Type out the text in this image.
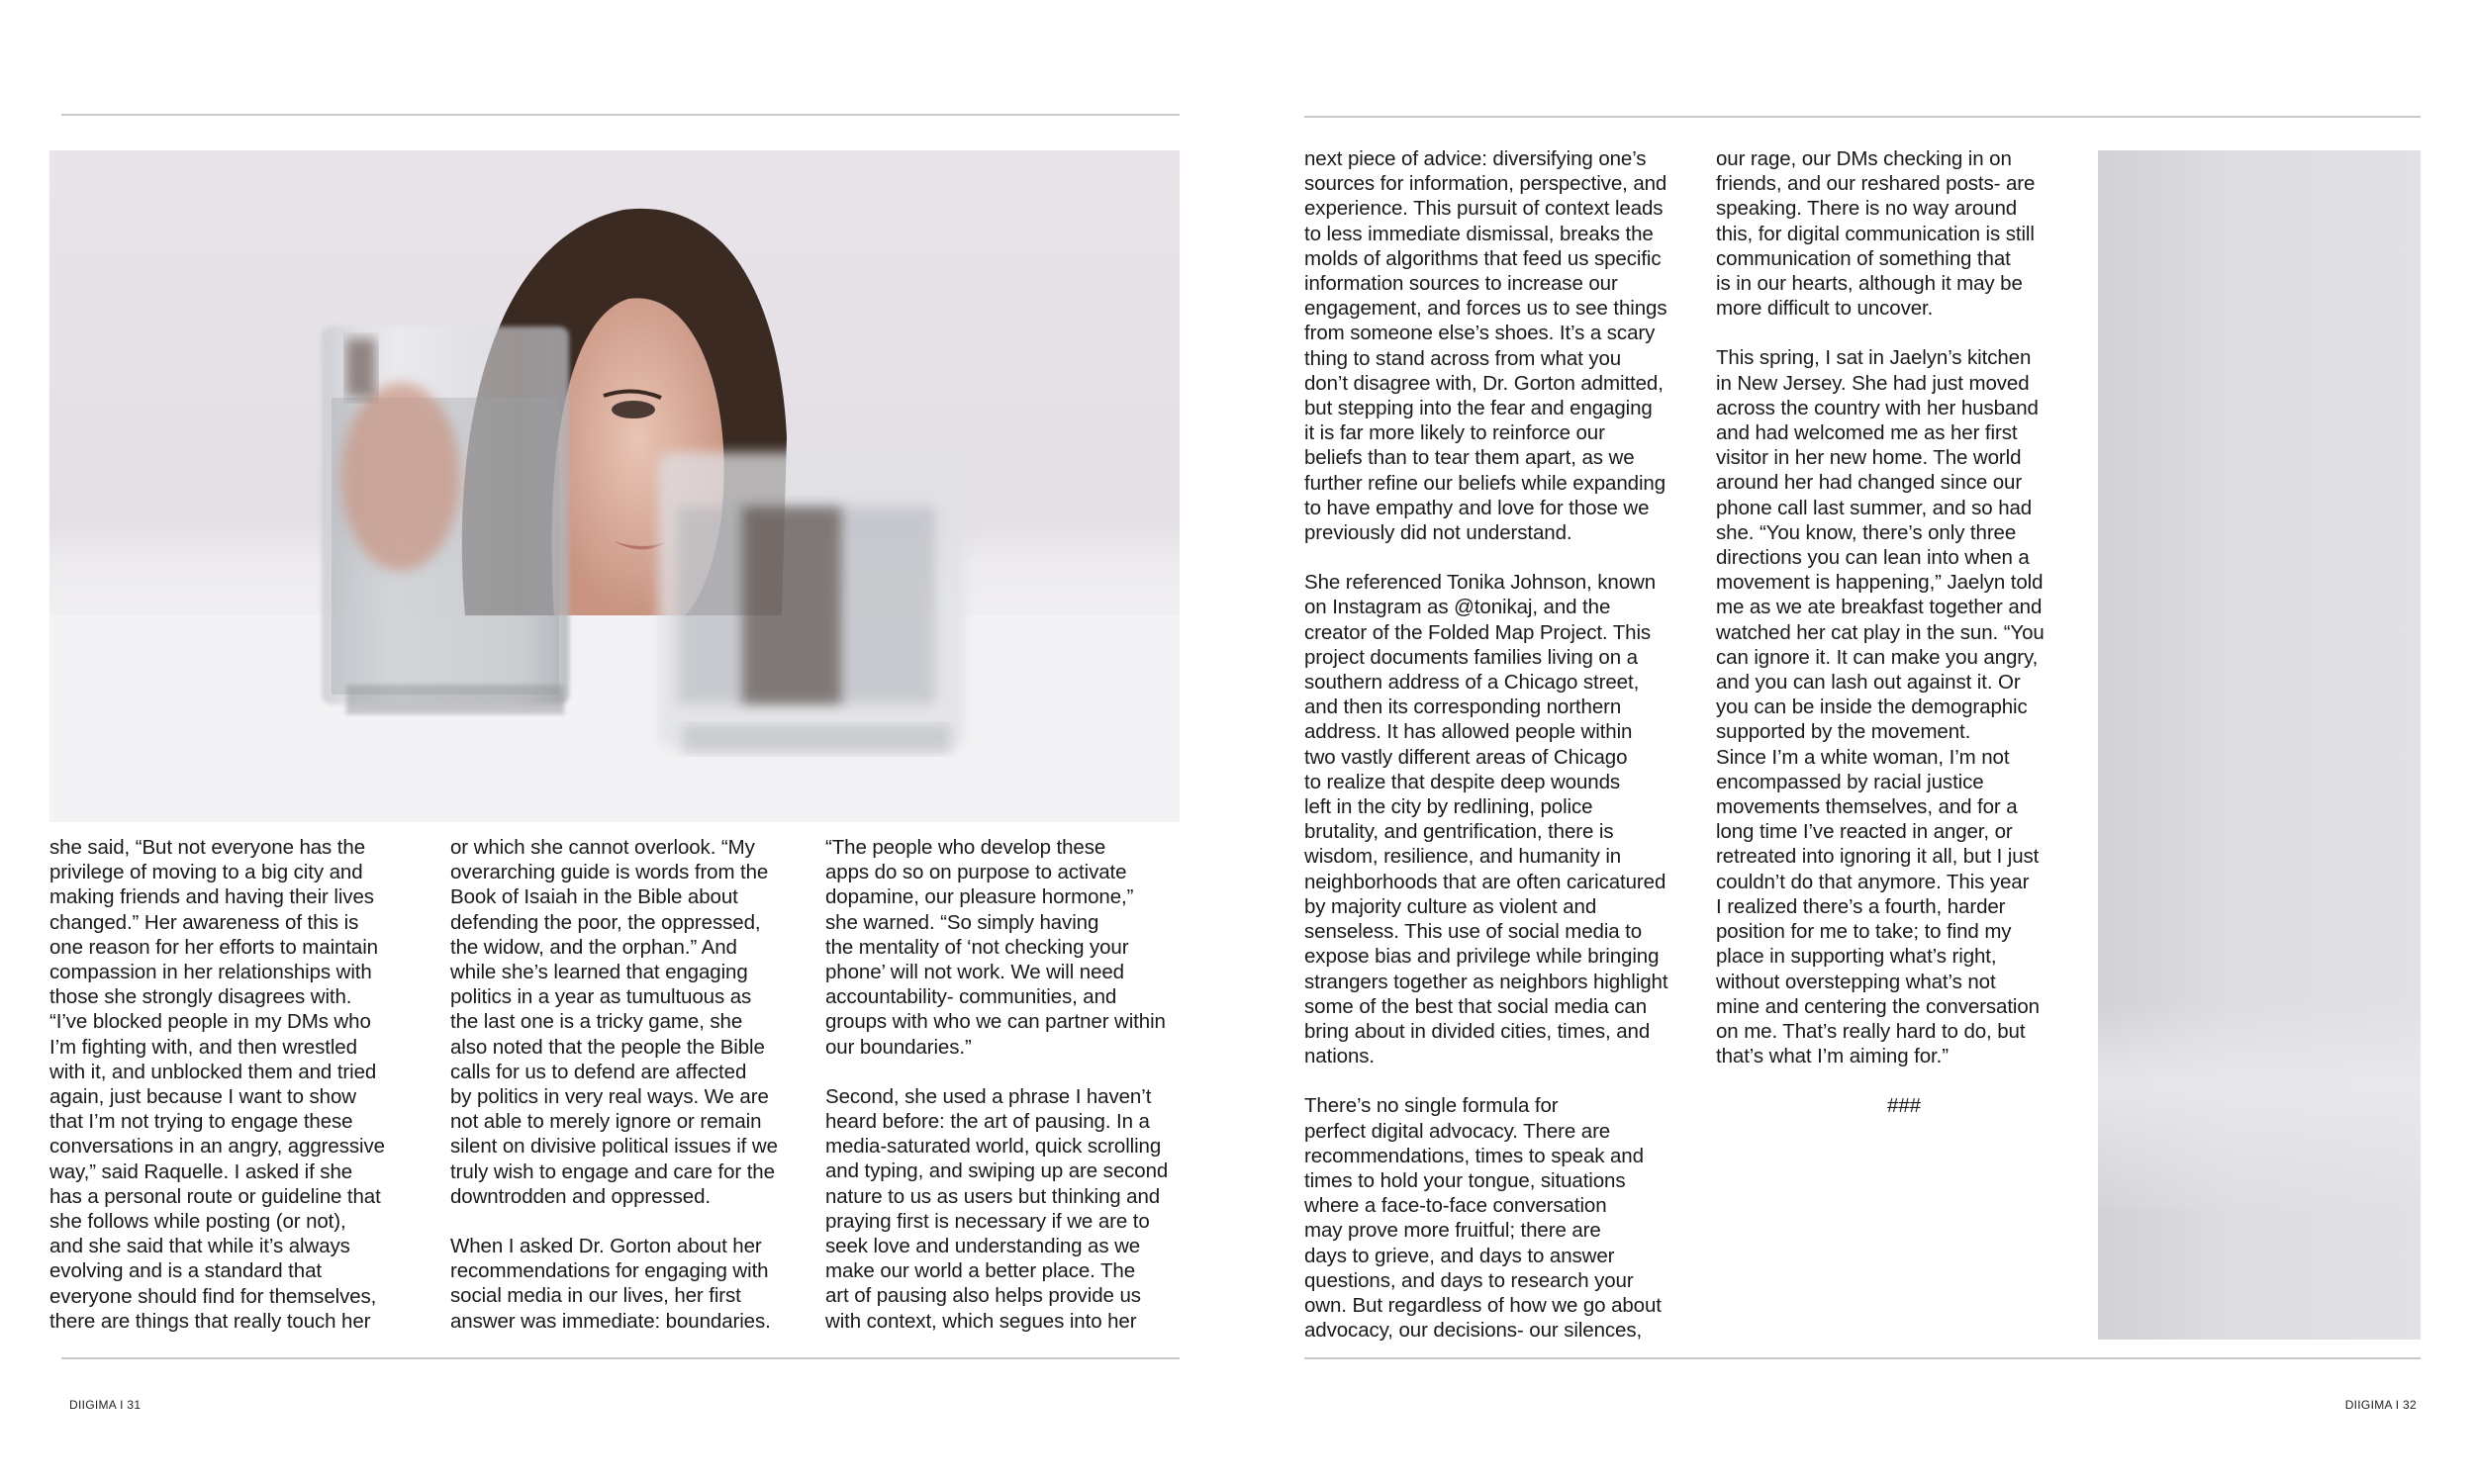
she said, “But not everyone has the
privilege of moving to a big city and
making friends and having their lives
changed.” Her awareness of this is
one reason for her efforts to maintain
compassion in her relationships with
those she strongly disagrees with.
“I’ve blocked people in my DMs who
I’m fighting with, and then wrestled
with it, and unblocked them and tried
again, just because I want to show
that I’m not trying to engage these
conversations in an angry, aggressive
way,” said Raquelle. I asked if she
has a personal route or guideline that
she follows while posting (or not),
and she said that while it’s always
evolving and is a standard that
everyone should find for themselves,
there are things that really touch her

or which she cannot overlook. “My
overarching guide is words from the
Book of Isaiah in the Bible about
defending the poor, the oppressed,
the widow, and the orphan.” And
while she’s learned that engaging
politics in a year as tumultuous as
the last one is a tricky game, she
also noted that the people the Bible
calls for us to defend are affected
by politics in very real ways. We are
not able to merely ignore or remain
silent on divisive political issues if we
truly wish to engage and care for the
downtrodden and oppressed.

When I asked Dr. Gorton about her
recommendations for engaging with
social media in our lives, her first
answer was immediate: boundaries.

“The people who develop these
apps do so on purpose to activate
dopamine, our pleasure hormone,”
she warned. “So simply having
the mentality of ‘not checking your
phone’ will not work. We will need
accountability- communities, and
groups with who we can partner within
our boundaries.”

Second, she used a phrase I haven’t
heard before: the art of pausing. In a
media-saturated world, quick scrolling
and typing, and swiping up are second
nature to us as users but thinking and
praying first is necessary if we are to
seek love and understanding as we
make our world a better place. The
art of pausing also helps provide us
with context, which segues into her

DIIGIMA I 31

next piece of advice: diversifying one’s
sources for information, perspective, and
experience. This pursuit of context leads
to less immediate dismissal, breaks the
molds of algorithms that feed us specific
information sources to increase our
engagement, and forces us to see things
from someone else’s shoes. It’s a scary
thing to stand across from what you
don’t disagree with, Dr. Gorton admitted,
but stepping into the fear and engaging
it is far more likely to reinforce our
beliefs than to tear them apart, as we
further refine our beliefs while expanding
to have empathy and love for those we
previously did not understand.

She referenced Tonika Johnson, known
on Instagram as @tonikaj, and the
creator of the Folded Map Project. This
project documents families living on a
southern address of a Chicago street,
and then its corresponding northern
address. It has allowed people within
two vastly different areas of Chicago
to realize that despite deep wounds
left in the city by redlining, police
brutality, and gentrification, there is
wisdom, resilience, and humanity in
neighborhoods that are often caricatured
by majority culture as violent and
senseless. This use of social media to
expose bias and privilege while bringing
strangers together as neighbors highlight
some of the best that social media can
bring about in divided cities, times, and
nations.

There’s no single formula for
perfect digital advocacy. There are
recommendations, times to speak and
times to hold your tongue, situations
where a face-to-face conversation
may prove more fruitful; there are
days to grieve, and days to answer
questions, and days to research your
own. But regardless of how we go about
advocacy, our decisions- our silences,

our rage, our DMs checking in on
friends, and our reshared posts- are
speaking. There is no way around
this, for digital communication is still
communication of something that
is in our hearts, although it may be
more difficult to uncover.

This spring, I sat in Jaelyn’s kitchen
in New Jersey. She had just moved
across the country with her husband
and had welcomed me as her first
visitor in her new home. The world
around her had changed since our
phone call last summer, and so had
she. “You know, there’s only three
directions you can lean into when a
movement is happening,” Jaelyn told
me as we ate breakfast together and
watched her cat play in the sun. “You
can ignore it. It can make you angry,
and you can lash out against it. Or
you can be inside the demographic
supported by the movement.
Since I’m a white woman, I’m not
encompassed by racial justice
movements themselves, and for a
long time I’ve reacted in anger, or
retreated into ignoring it all, but I just
couldn’t do that anymore. This year
I realized there’s a fourth, harder
position for me to take; to find my
place in supporting what’s right,
without overstepping what’s not
mine and centering the conversation
on me. That’s really hard to do, but
that’s what I’m aiming for.”

###

DIIGIMA I 32
